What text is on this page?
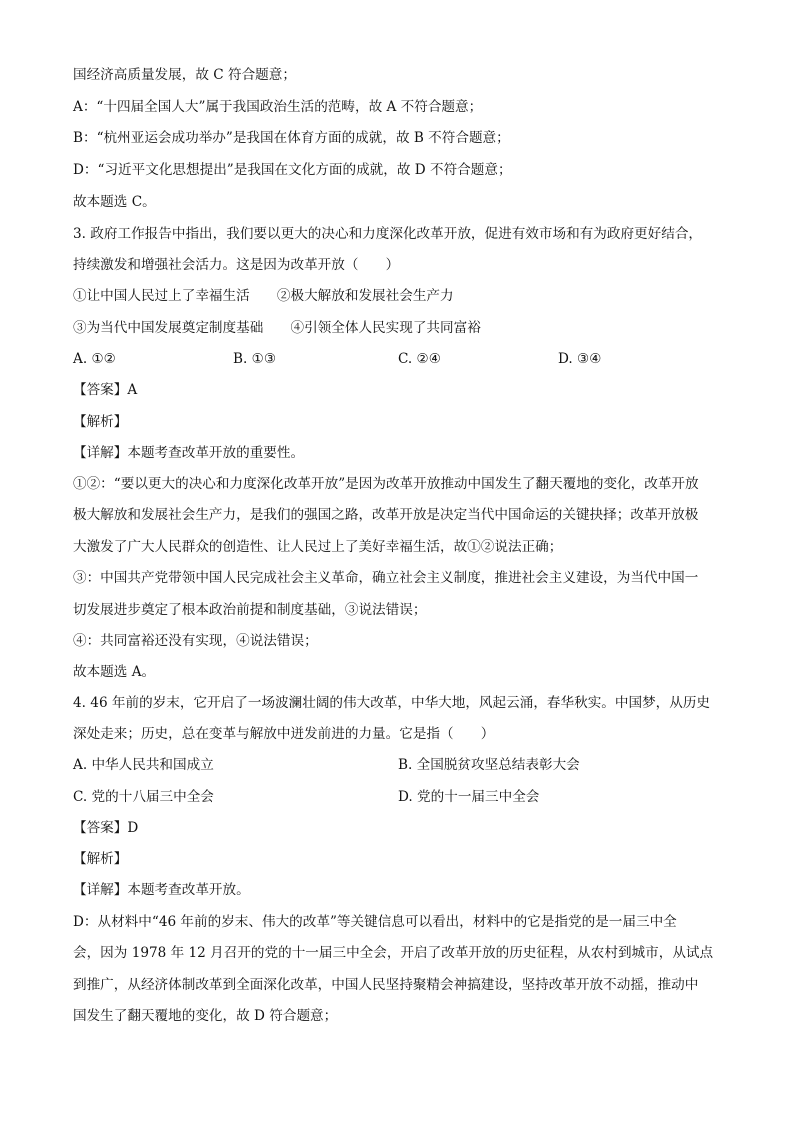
国经济高质量发展，故 C 符合题意；
A：“十四届全国人大”属于我国政治生活的范畴，故 A 不符合题意；
B：“杭州亚运会成功举办”是我国在体育方面的成就，故 B 不符合题意；
D：“习近平文化思想提出”是我国在文化方面的成就，故 D 不符合题意；
故本题选 C。
3. 政府工作报告中指出，我们要以更大的决心和力度深化改革开放，促进有效市场和有为政府更好结合，
持续激发和增强社会活力。这是因为改革开放（　　）
①让中国人民过上了幸福生活　　②极大解放和发展社会生产力
③为当代中国发展奠定制度基础　　④引领全体人民实现了共同富裕
A. ①②	B. ①③	C. ②④	D. ③④
【答案】A
【解析】
【详解】本题考查改革开放的重要性。
①②：“要以更大的决心和力度深化改革开放”是因为改革开放推动中国发生了翻天覆地的变化，改革开放
极大解放和发展社会生产力，是我们的强国之路，改革开放是决定当代中国命运的关键抉择；改革开放极
大激发了广大人民群众的创造性、让人民过上了美好幸福生活，故①②说法正确；
③：中国共产党带领中国人民完成社会主义革命，确立社会主义制度，推进社会主义建设，为当代中国一
切发展进步奠定了根本政治前提和制度基础，③说法错误；
④：共同富裕还没有实现，④说法错误；
故本题选 A。
4. 46 年前的岁末，它开启了一场波澜壮阔的伟大改革，中华大地，风起云涌，春华秋实。中国梦，从历史
深处走来；历史，总在变革与解放中迸发前进的力量。它是指（　　）
A. 中华人民共和国成立	B. 全国脱贫攻坚总结表彰大会
C. 党的十八届三中全会	D. 党的十一届三中全会
【答案】D
【解析】
【详解】本题考查改革开放。
D：从材料中“46 年前的岁末、伟大的改革”等关键信息可以看出，材料中的它是指党的是一届三中全
会，因为 1978 年 12 月召开的党的十一届三中全会，开启了改革开放的历史征程，从农村到城市，从试点
到推广，从经济体制改革到全面深化改革，中国人民坚持聚精会神搞建设，坚持改革开放不动摇，推动中
国发生了翻天覆地的变化，故 D 符合题意；
